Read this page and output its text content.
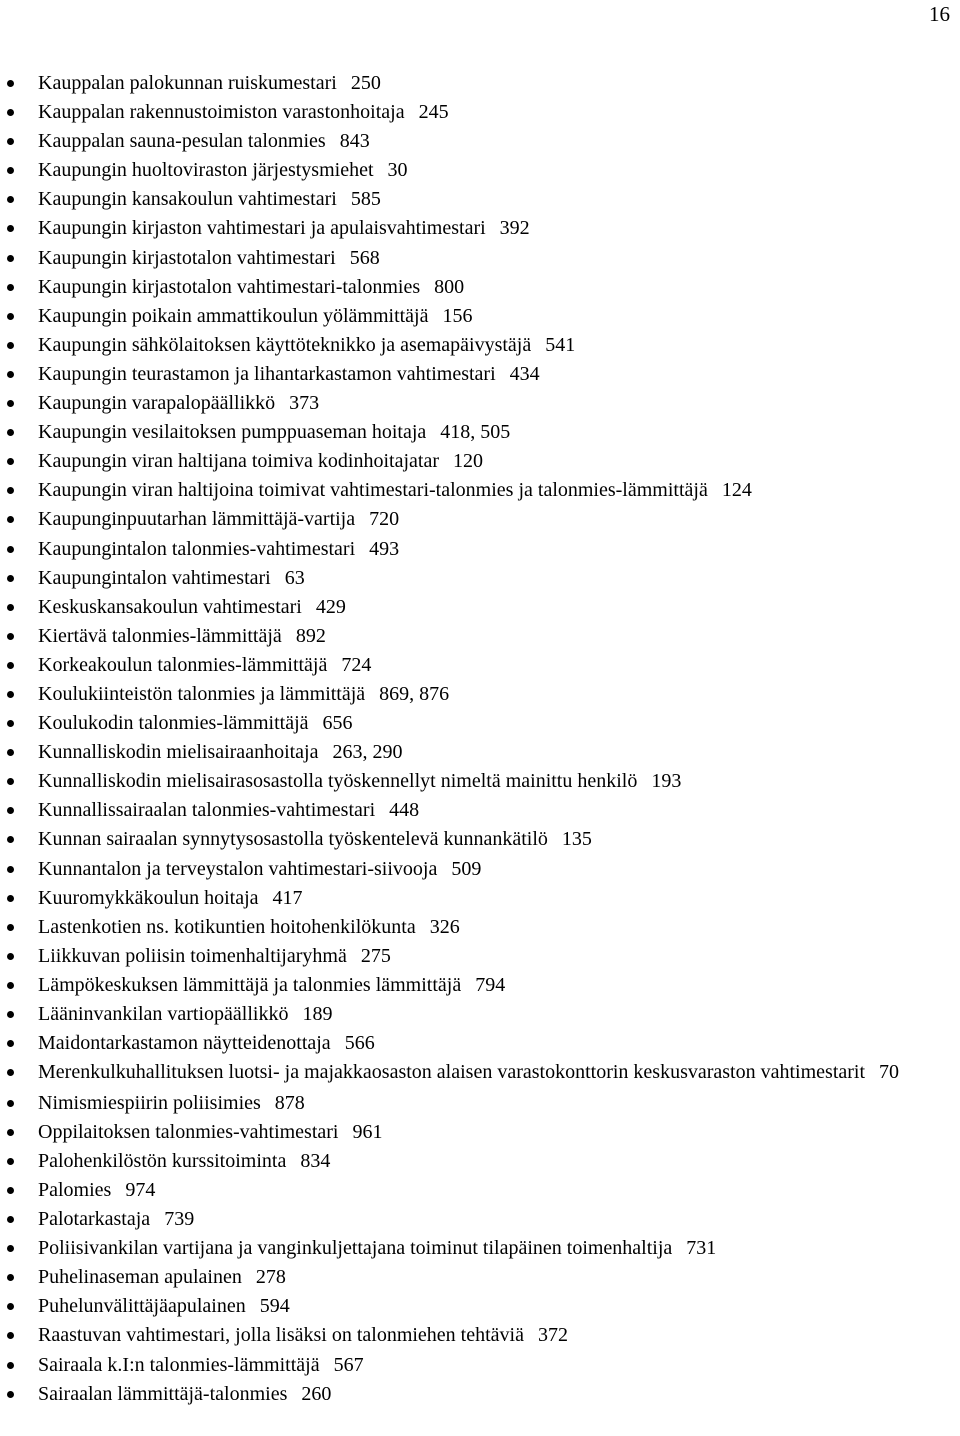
16
Kauppalan palokunnan ruiskumestari 250
Kauppalan rakennustoimiston varastonhoitaja 245
Kauppalan sauna-pesulan talonmies 843
Kaupungin huoltoviraston järjestysmiehet 30
Kaupungin kansakoulun vahtimestari 585
Kaupungin kirjaston vahtimestari ja apulaisvahtimestari 392
Kaupungin kirjastotalon vahtimestari 568
Kaupungin kirjastotalon vahtimestari-talonmies 800
Kaupungin poikain ammattikoulun yölämmittäjä 156
Kaupungin sähkölaitoksen käyttöteknikko ja asemapäivystäjä 541
Kaupungin teurastamon ja lihantarkastamon vahtimestari 434
Kaupungin varapalopäällikkö 373
Kaupungin vesilaitoksen pumppuaseman hoitaja 418, 505
Kaupungin viran haltijana toimiva kodinhoitajatar 120
Kaupungin viran haltijoina toimivat vahtimestari-talonmies ja talonmies-lämmittäjä 124
Kaupunginpuutarhan lämmittäjä-vartija 720
Kaupungintalon talonmies-vahtimestari 493
Kaupungintalon vahtimestari 63
Keskuskansakoulun vahtimestari 429
Kiertävä talonmies-lämmittäjä 892
Korkeakoulun talonmies-lämmittäjä 724
Koulukiinteistön talonmies ja lämmittäjä 869, 876
Koulukodin talonmies-lämmittäjä 656
Kunnalliskodin mielisairaanhoitaja 263, 290
Kunnalliskodin mielisairasosastolla työskennellyt nimeltä mainittu henkilö 193
Kunnallissairaalan talonmies-vahtimestari 448
Kunnan sairaalan synnytysosastolla työskentelevä kunnankätilö 135
Kunnantalon ja terveystalon vahtimestari-siivooja 509
Kuuromykkäkoulun hoitaja 417
Lastenkotien ns. kotikuntien hoitohenkilökunta 326
Liikkuvan poliisin toimenhaltijaryhmä 275
Lämpökeskuksen lämmittäjä ja talonmies lämmittäjä 794
Lääninvankilan vartiopäällikkö 189
Maidontarkastamon näytteidenottaja 566
Merenkulkuhallituksen luotsi- ja majakkaosaston alaisen varastokonttorin keskusvaraston vahtimestarit 70
Nimismiespiirin poliisimies 878
Oppilaitoksen talonmies-vahtimestari 961
Palohenkilöstön kurssitoiminta 834
Palomies 974
Palotarkastaja 739
Poliisivankilan vartijana ja vanginkuljettajana toiminut tilapäinen toimenhaltija 731
Puhelinaseman apulainen 278
Puhelunvälittäjäapulainen 594
Raastuvan vahtimestari, jolla lisäksi on talonmiehen tehtäviä 372
Sairaala k.I:n talonmies-lämmittäjä 567
Sairaalan lämmittäjä-talonmies 260
